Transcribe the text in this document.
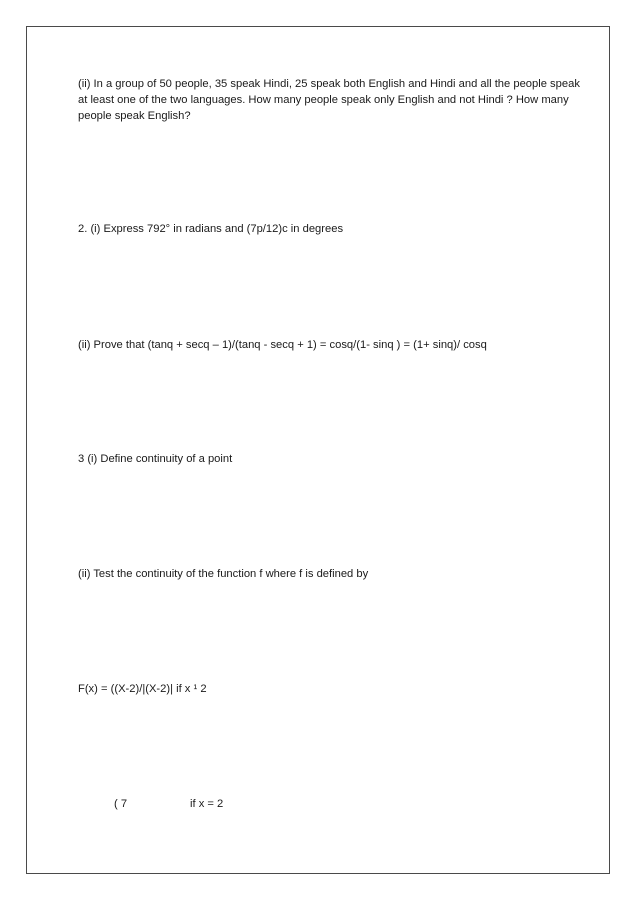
(ii) In a group of 50 people, 35 speak Hindi, 25 speak both English and Hindi and all the people speak
at least one of the two languages. How many people speak only English and not Hindi ? How many
people speak English?
2. (i) Express 792° in radians and (7p/12)c in degrees
(ii) Prove that (tanq + secq – 1)/(tanq - secq + 1) = cosq/(1- sinq ) = (1+ sinq)/ cosq
3 (i) Define continuity of a point
(ii) Test the continuity of the function f where f is defined by
F(x) = ((X-2)/|(X-2)| if x ¹ 2
( 7	if x = 2
